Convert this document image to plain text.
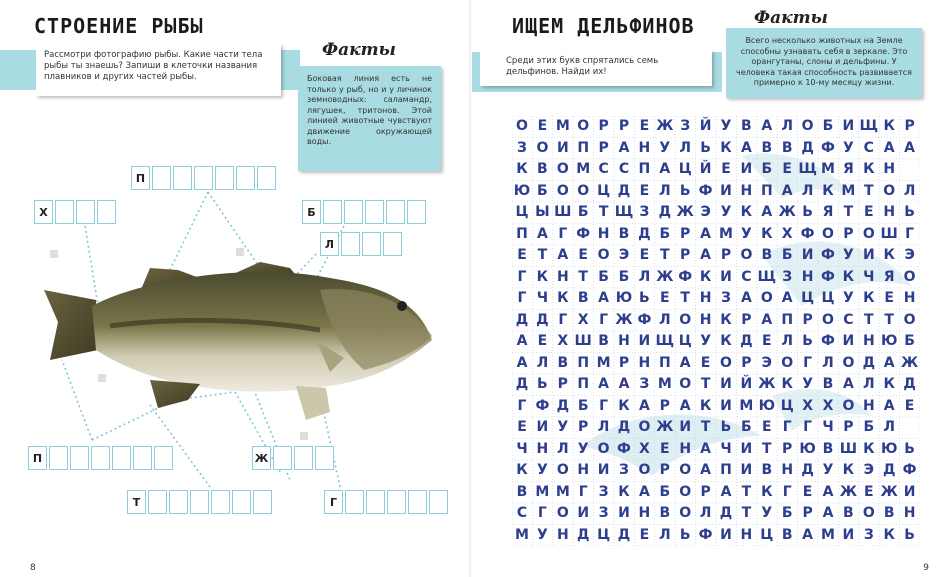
СТРОЕНИЕ РЫБЫ

Рассмотри фотографию рыбы. Какие части тела рыбы ты знаешь? Запиши в клеточки названия плавников и других частей рыбы.

Факты
Боковая линия есть не только у рыб, но и у личинок земноводных: саламандр, лягушек, тритонов. Этой линией животные чувствуют движение окружающей воды.
П
Х	Б
Л
П	Ж
Т	Г
8
ИЩЕМ ДЕЛЬФИНОВ

Среди этих букв спрятались семь дельфинов. Найди их!

Факты
Всего несколько животных на Земле способны узнавать себя в зеркале. Это орангутаны, слоны и дельфины. У человека такая способность развивается примерно к 10-му месяцу жизни.
О Е М О Р Р Е Ж З Й У В А Л О Б И Щ К Р
З О И П Р А Н У Л Ь К А В В Д Ф У С А А
К В О М С С П А Ц Й Е И Б Е Щ М Я К Н
Ю Б О О Ц Д Е Л Ь Ф И Н П А Л К М Т О Л
Ц Ы Ш Б Т Щ З Д Ж Э У К А Ж Ь Я Т Е Н Ь
П А Г Ф Н В Д Б Р А М У К Х Ф О Р О Ш Г
Е Т А Е О Э Е Т Р А Р О В Б И Ф У И К Э
Г К Н Т Б Б Л Ж Ф К И С Щ З Н Ф К Ч Я О
Г Ч К В А Ю Ь Е Т Н З А О А Ц Ц У К Е Н
Д Д Г Х Г Ж Ф Л О Н К Р А П Р О С Т Т О
А Е Х Ш В Н И Щ Ц У К Д Е Л Ь Ф И Н Ю Б
А Л В П М Р Н П А Е О Р Э О Г Л О Д А Ж
Д Ь Р П А А З М О Т И Й Ж К У В А Л К Д
Г Ф Д Б Г К А Р А К И М Ю Ц Х Х О Н А Е
Е И У Р Л Д О Ж И Т Ь Б Е Г Г Ч Р Б Л
Ч Н Л У О Ф Х Е Н А Ч И Т Р Ю В Ш К Ю Ь
К У О Н И З О Р О А П И В Н Д У К Э Д Ф
В М М Г З К А Б О Р А Т К Г Е А Ж Е Ж И
С Г О И З И Н В О Л Д Т У Б Р А В О В Н
М У Н Д Ц Д Е Л Ь Ф И Н Ц В А М И З К Ь
9
